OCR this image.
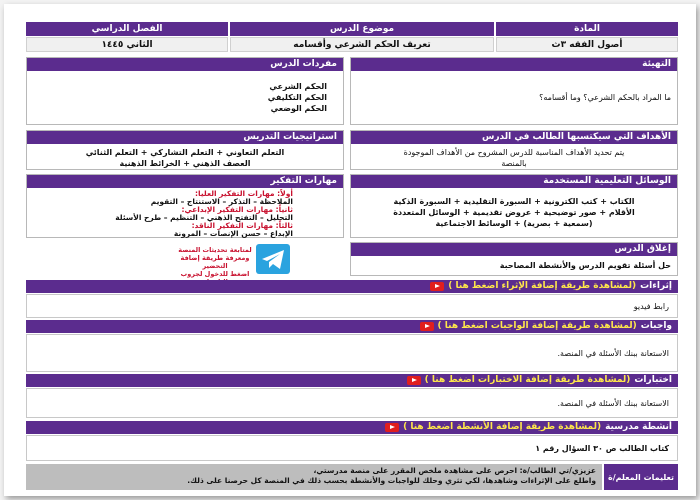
المادة
موضوع الدرس
الفصل الدراسي
أصول الفقه ٣ث
تعريف الحكم الشرعي وأقسامه
الثاني ١٤٤٥
التهيئة
ما المراد بالحكم الشرعي؟ وما أقسامه؟
مفردات الدرس
الحكم الشرعي
الحكم التكليفي
الحكم الوضعي
الأهداف التي سيكتسبها الطالب في الدرس
يتم تحديد الأهداف المناسبة للدرس المشروح من الأهداف الموجودة
بالمنصة
استراتيجيات التدريس
التعلم التعاوني + التعلم التشاركي + التعلم الثنائي
العصف الذهني + الخرائط الذهنية
الوسائل التعليمية المستخدمة
الكتاب + كتب الكترونية + السبورة التقليدية + السبورة الذكية
الأقلام + صور توضيحية + عروض تقديمية + الوسائل المتعددة
(سمعية + بصرية) + الوسائط الاجتماعية
مهارات التفكير
أولاً: مهارات التفكير العليا:
الملاحظة – التذكر – الاستنتاج – التقويم
ثانياً: مهارات التفكير الإبداعي:
التحليل – التفتح الذهني – التنظيم – طرح الأسئلة
ثالثاً: مهارات التفكير الناقد:
الإبداع – حسن الإنصات – المرونة
لمتابعة تحديثات المنصة
ومعرفة طريقة إضافة التحضير
اضغط للدخول لجروب
إغلاق الدرس
حل أسئلة تقويم الدرس والأنشطة المصاحبة
إثراءات
(لمشاهدة طريقة إضافة الإثراء اضغط هنا )
رابط فيديو
واجبات
(لمشاهدة طريقة إضافة الواجبات اضغط هنا )
الاستعانة ببنك الأسئلة في المنصة.
اختبارات
(لمشاهدة طريقة إضافة الاختبارات اضغط هنا )
الاستعانة ببنك الأسئلة في المنصة.
أنشطة مدرسية
(لمشاهدة طريقة إضافة الأنشطة اضغط هنا )
كتاب الطالب ص ٣٠ السؤال رقم ١
عزيزي/تي الطالب/ة: احرص على مشاهدة ملخص المقرر على منصة مدرستي،
واطلع على الإثراءات وشاهدها، لكي تثري وحلك للواجبات والأنشطة بحسب ذلك في المنصة كل حرصنا على ذلك.	تعليمات المعلم/ة
